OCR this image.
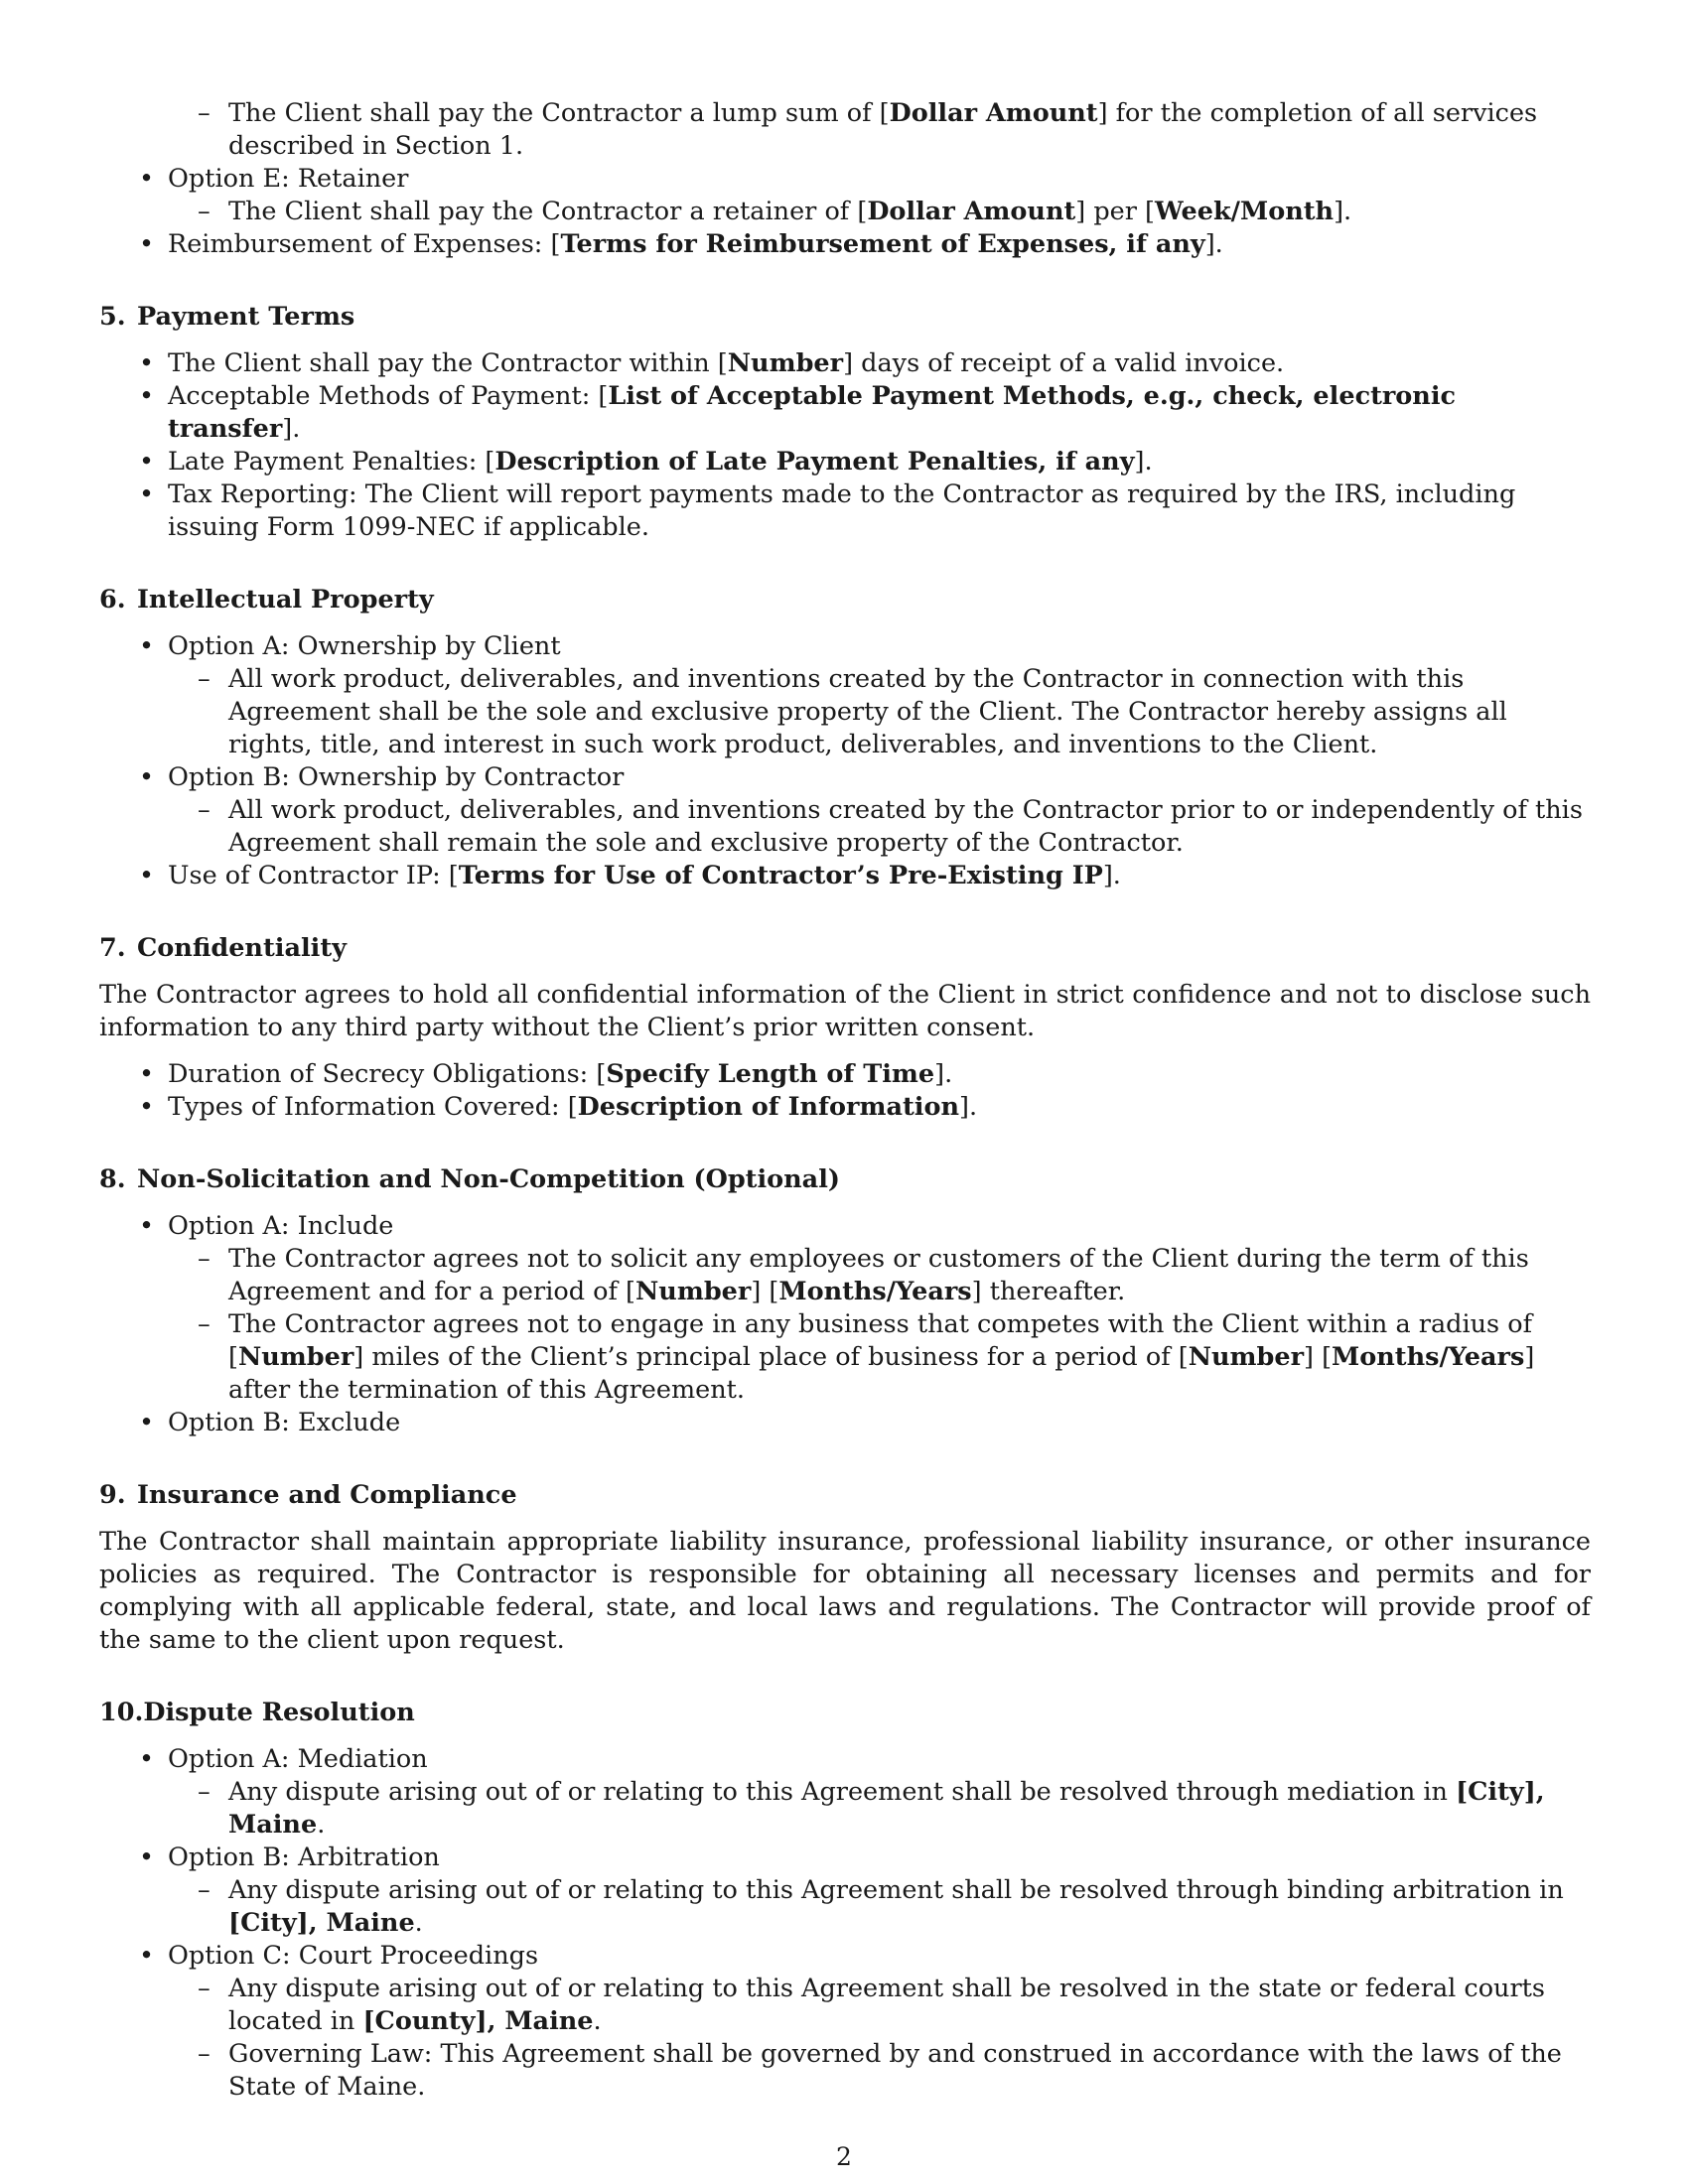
– The Client shall pay the Contractor a lump sum of [Dollar Amount] for the completion of all services described in Section 1.
• Option E: Retainer
– The Client shall pay the Contractor a retainer of [Dollar Amount] per [Week/Month].
• Reimbursement of Expenses: [Terms for Reimbursement of Expenses, if any].
5. Payment Terms
• The Client shall pay the Contractor within [Number] days of receipt of a valid invoice.
• Acceptable Methods of Payment: [List of Acceptable Payment Methods, e.g., check, electronic transfer].
• Late Payment Penalties: [Description of Late Payment Penalties, if any].
• Tax Reporting: The Client will report payments made to the Contractor as required by the IRS, including issuing Form 1099-NEC if applicable.
6. Intellectual Property
• Option A: Ownership by Client
– All work product, deliverables, and inventions created by the Contractor in connection with this Agreement shall be the sole and exclusive property of the Client. The Contractor hereby assigns all rights, title, and interest in such work product, deliverables, and inventions to the Client.
• Option B: Ownership by Contractor
– All work product, deliverables, and inventions created by the Contractor prior to or independently of this Agreement shall remain the sole and exclusive property of the Contractor.
• Use of Contractor IP: [Terms for Use of Contractor’s Pre-Existing IP].
7. Confidentiality
The Contractor agrees to hold all confidential information of the Client in strict confidence and not to disclose such information to any third party without the Client’s prior written consent.
• Duration of Secrecy Obligations: [Specify Length of Time].
• Types of Information Covered: [Description of Information].
8. Non-Solicitation and Non-Competition (Optional)
• Option A: Include
– The Contractor agrees not to solicit any employees or customers of the Client during the term of this Agreement and for a period of [Number] [Months/Years] thereafter.
– The Contractor agrees not to engage in any business that competes with the Client within a radius of [Number] miles of the Client’s principal place of business for a period of [Number] [Months/Years] after the termination of this Agreement.
• Option B: Exclude
9. Insurance and Compliance
The Contractor shall maintain appropriate liability insurance, professional liability insurance, or other insurance policies as required. The Contractor is responsible for obtaining all necessary licenses and permits and for complying with all applicable federal, state, and local laws and regulations. The Contractor will provide proof of the same to the client upon request.
10.Dispute Resolution
• Option A: Mediation
– Any dispute arising out of or relating to this Agreement shall be resolved through mediation in [City], Maine.
• Option B: Arbitration
– Any dispute arising out of or relating to this Agreement shall be resolved through binding arbitration in [City], Maine.
• Option C: Court Proceedings
– Any dispute arising out of or relating to this Agreement shall be resolved in the state or federal courts located in [County], Maine.
– Governing Law: This Agreement shall be governed by and construed in accordance with the laws of the State of Maine.
2
